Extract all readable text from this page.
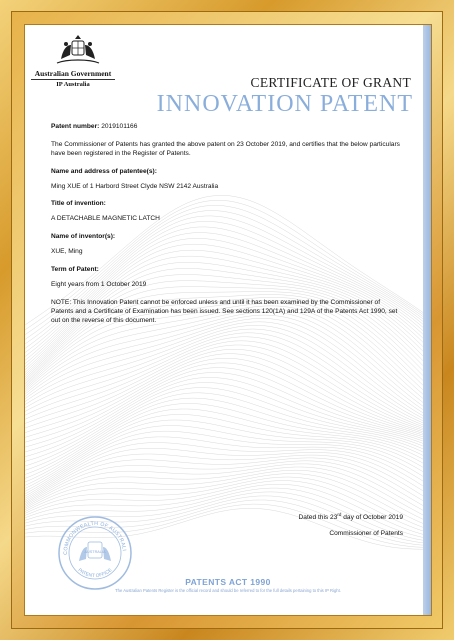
Australian Government
IP Australia	CERTIFICATE OF GRANT
INNOVATION PATENT

Patent number: 2019101166

The Commissioner of Patents has granted the above patent on 23 October 2019, and certifies that the below particulars have been registered in the Register of Patents.

Name and address of patentee(s):

Ming XUE of 1 Harbord Street Clyde NSW 2142 Australia

Title of invention:

A DETACHABLE MAGNETIC LATCH

Name of inventor(s):

XUE, Ming

Term of Patent:

Eight years from 1 October 2019

NOTE: This Innovation Patent cannot be enforced unless and until it has been examined by the Commissioner of Patents and a Certificate of Examination has been issued. See sections 120(1A) and 129A of the Patents Act 1990, set out on the reverse of this document.

Dated this 23rd day of October 2019
Commissioner of Patents
COMMONWEALTH OF AUSTRALI
PATENT OFFICE
AUSTRALIA
PATENTS ACT 1990
The Australian Patents Register is the official record and should be referred to for the full details pertaining to this IP Right.
